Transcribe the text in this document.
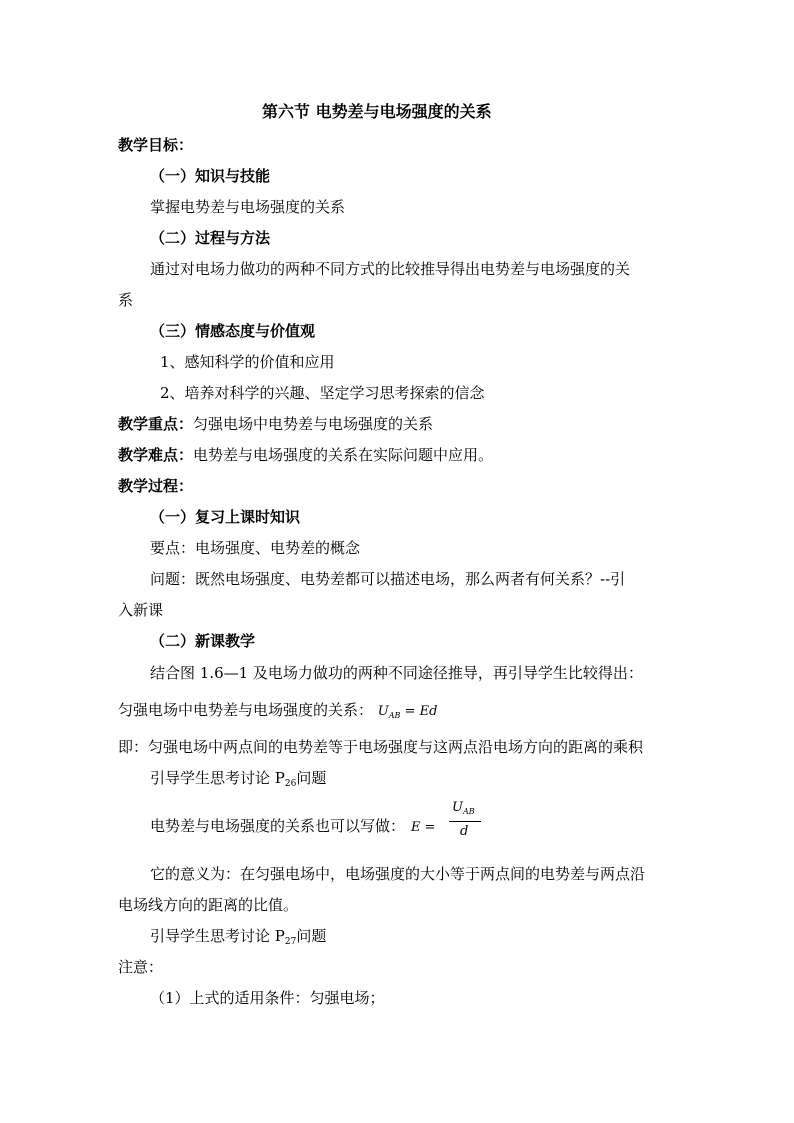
第六节 电势差与电场强度的关系
教学目标：
（一）知识与技能
掌握电势差与电场强度的关系
（二）过程与方法
通过对电场力做功的两种不同方式的比较推导得出电势差与电场强度的关
系
（三）情感态度与价值观
1、感知科学的价值和应用
2、培养对科学的兴趣、坚定学习思考探索的信念
教学重点：匀强电场中电势差与电场强度的关系
教学难点：电势差与电场强度的关系在实际问题中应用。
教学过程：
（一）复习上课时知识
要点：电场强度、电势差的概念
问题：既然电场强度、电势差都可以描述电场，那么两者有何关系？--引
入新课
（二）新课教学
结合图 1.6—1 及电场力做功的两种不同途径推导，再引导学生比较得出：
匀强电场中电势差与电场强度的关系： $U_{AB} = Ed$
即：匀强电场中两点间的电势差等于电场强度与这两点沿电场方向的距离的乘积
引导学生思考讨论 $P_{26}$问题
电势差与电场强度的关系也可以写做： E =
$U_{AB}$
d
它的意义为：在匀强电场中，电场强度的大小等于两点间的电势差与两点沿
电场线方向的距离的比值。
引导学生思考讨论 $P_{27}$问题
注意：
（1）上式的适用条件：匀强电场；
